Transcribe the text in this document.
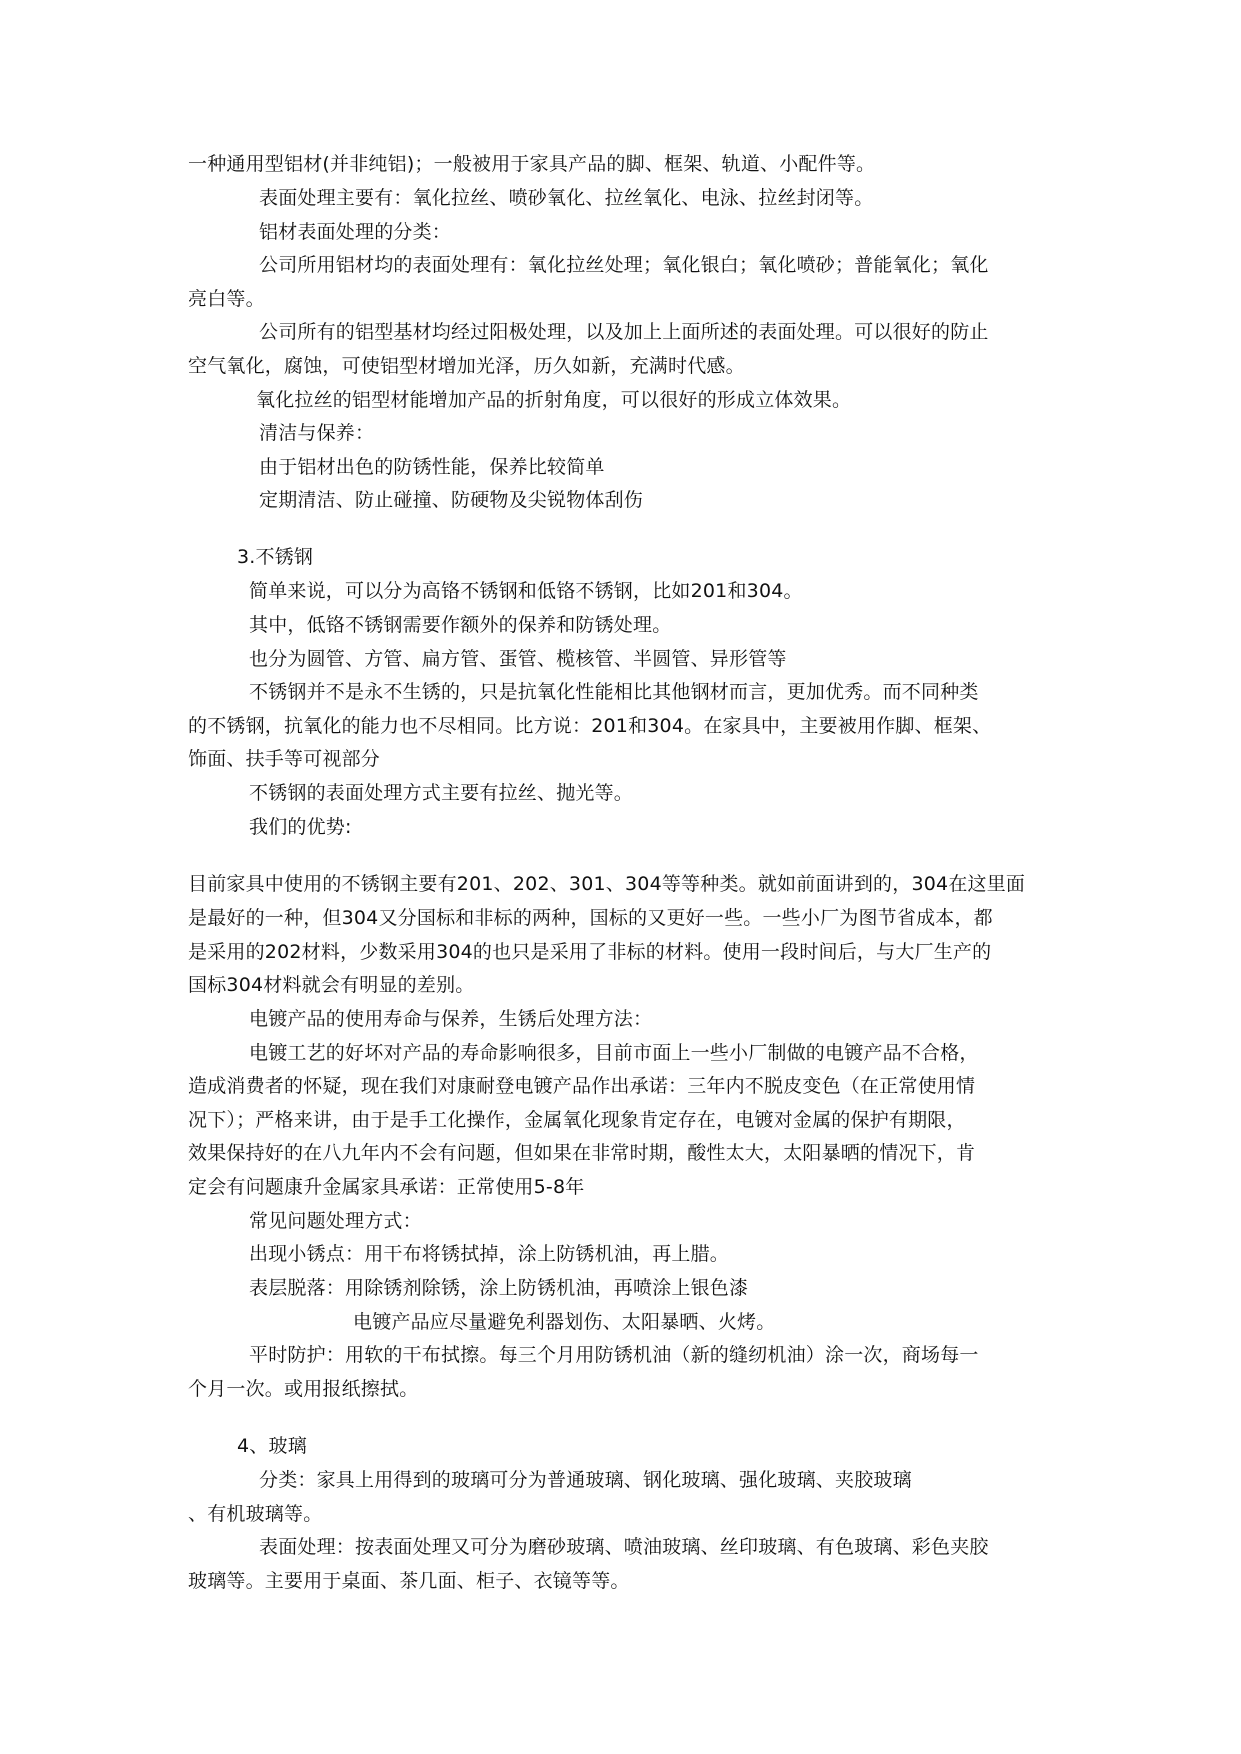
一种通用型铝材(并非纯铝)；一般被用于家具产品的脚、框架、轨道、小配件等。
表面处理主要有：氧化拉丝、喷砂氧化、拉丝氧化、电泳、拉丝封闭等。
铝材表面处理的分类：
公司所用铝材均的表面处理有：氧化拉丝处理；氧化银白；氧化喷砂；普能氧化；氧化
亮白等。
公司所有的铝型基材均经过阳极处理，以及加上上面所述的表面处理。可以很好的防止
空气氧化，腐蚀，可使铝型材增加光泽，历久如新，充满时代感。
氧化拉丝的铝型材能增加产品的折射角度，可以很好的形成立体效果。
清洁与保养：
由于铝材出色的防锈性能，保养比较简单
定期清洁、防止碰撞、防硬物及尖锐物体刮伤
3.不锈钢
简单来说，可以分为高铬不锈钢和低铬不锈钢，比如201和304。
其中，低铬不锈钢需要作额外的保养和防锈处理。
也分为圆管、方管、扁方管、蛋管、榄核管、半圆管、异形管等
不锈钢并不是永不生锈的，只是抗氧化性能相比其他钢材而言，更加优秀。而不同种类
的不锈钢，抗氧化的能力也不尽相同。比方说：201和304。在家具中，主要被用作脚、框架、
饰面、扶手等可视部分
不锈钢的表面处理方式主要有拉丝、抛光等。
我们的优势:
目前家具中使用的不锈钢主要有201、202、301、304等等种类。就如前面讲到的，304在这里面
是最好的一种，但304又分国标和非标的两种，国标的又更好一些。一些小厂为图节省成本，都
是采用的202材料，少数采用304的也只是采用了非标的材料。使用一段时间后，与大厂生产的
国标304材料就会有明显的差别。
电镀产品的使用寿命与保养，生锈后处理方法：
电镀工艺的好坏对产品的寿命影响很多，目前市面上一些小厂制做的电镀产品不合格，
造成消费者的怀疑，现在我们对康耐登电镀产品作出承诺：三年内不脱皮变色（在正常使用情
况下）；严格来讲，由于是手工化操作，金属氧化现象肯定存在，电镀对金属的保护有期限，
效果保持好的在八九年内不会有问题，但如果在非常时期，酸性太大，太阳暴晒的情况下，肯
定会有问题康升金属家具承诺：正常使用5-8年
常见问题处理方式：
出现小锈点：用干布将锈拭掉，涂上防锈机油，再上腊。
表层脱落：用除锈剂除锈，涂上防锈机油，再喷涂上银色漆
电镀产品应尽量避免利器划伤、太阳暴晒、火烤。
平时防护：用软的干布拭擦。每三个月用防锈机油（新的缝纫机油）涂一次，商场每一
个月一次。或用报纸擦拭。
4、玻璃
分类：家具上用得到的玻璃可分为普通玻璃、钢化玻璃、强化玻璃、夹胶玻璃
、有机玻璃等。
表面处理：按表面处理又可分为磨砂玻璃、喷油玻璃、丝印玻璃、有色玻璃、彩色夹胶
玻璃等。主要用于桌面、茶几面、柜子、衣镜等等。
